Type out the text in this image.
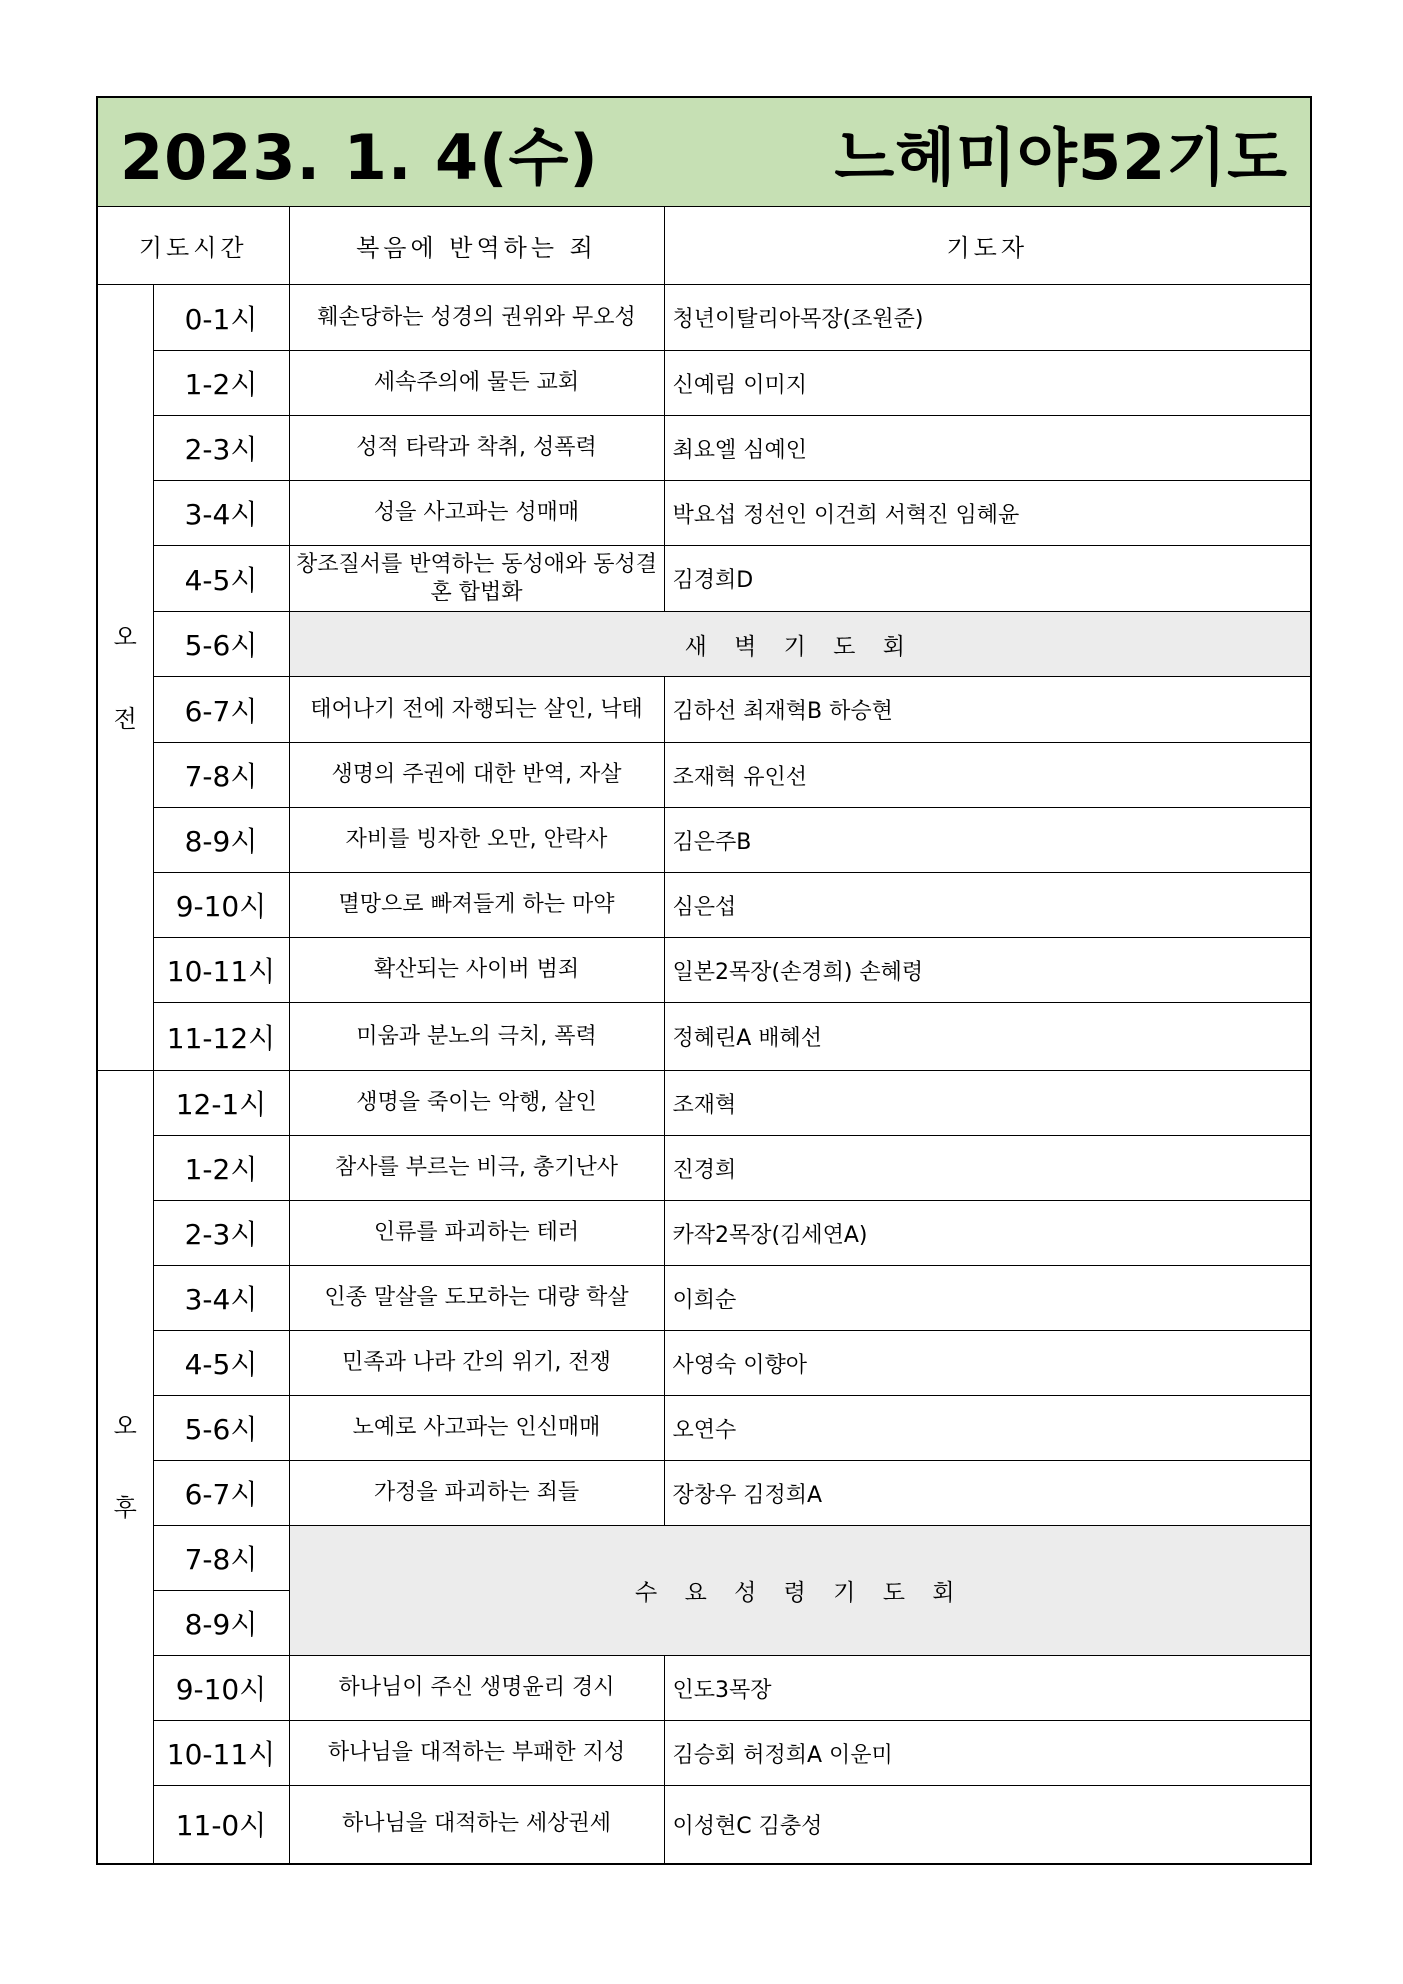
2023. 1. 4(수) 느헤미야52기도			

기도시간		복음에 반역하는 죄	기도자

오
전	0-1시	훼손당하는 성경의 권위와 무오성	청년이탈리아목장(조원준)
	1-2시	세속주의에 물든 교회	신예림 이미지
	2-3시	성적 타락과 착취, 성폭력	최요엘 심예인
	3-4시	성을 사고파는 성매매	박요섭 정선인 이건희 서혁진 임혜윤
	4-5시	창조질서를 반역하는 동성애와 동성결혼 합법화	김경희D
	5-6시	새 벽 기 도 회	
	6-7시	태어나기 전에 자행되는 살인, 낙태	김하선 최재혁B 하승현
	7-8시	생명의 주권에 대한 반역, 자살	조재혁 유인선
	8-9시	자비를 빙자한 오만, 안락사	김은주B
	9-10시	멸망으로 빠져들게 하는 마약	심은섭
	10-11시	확산되는 사이버 범죄	일본2목장(손경희) 손혜령
	11-12시	미움과 분노의 극치, 폭력	정혜린A 배혜선

오
후	12-1시	생명을 죽이는 악행, 살인	조재혁
	1-2시	참사를 부르는 비극, 총기난사	진경희
	2-3시	인류를 파괴하는 테러	카작2목장(김세연A)
	3-4시	인종 말살을 도모하는 대량 학살	이희순
	4-5시	민족과 나라 간의 위기, 전쟁	사영숙 이향아
	5-6시	노예로 사고파는 인신매매	오연수
	6-7시	가정을 파괴하는 죄들	장창우 김정희A
	7-8시	수 요 성 령 기 도 회	
	8-9시		
	9-10시	하나님이 주신 생명윤리 경시	인도3목장
	10-11시	하나님을 대적하는 부패한 지성	김승회 허정희A 이운미
	11-0시	하나님을 대적하는 세상권세	이성현C 김충성
